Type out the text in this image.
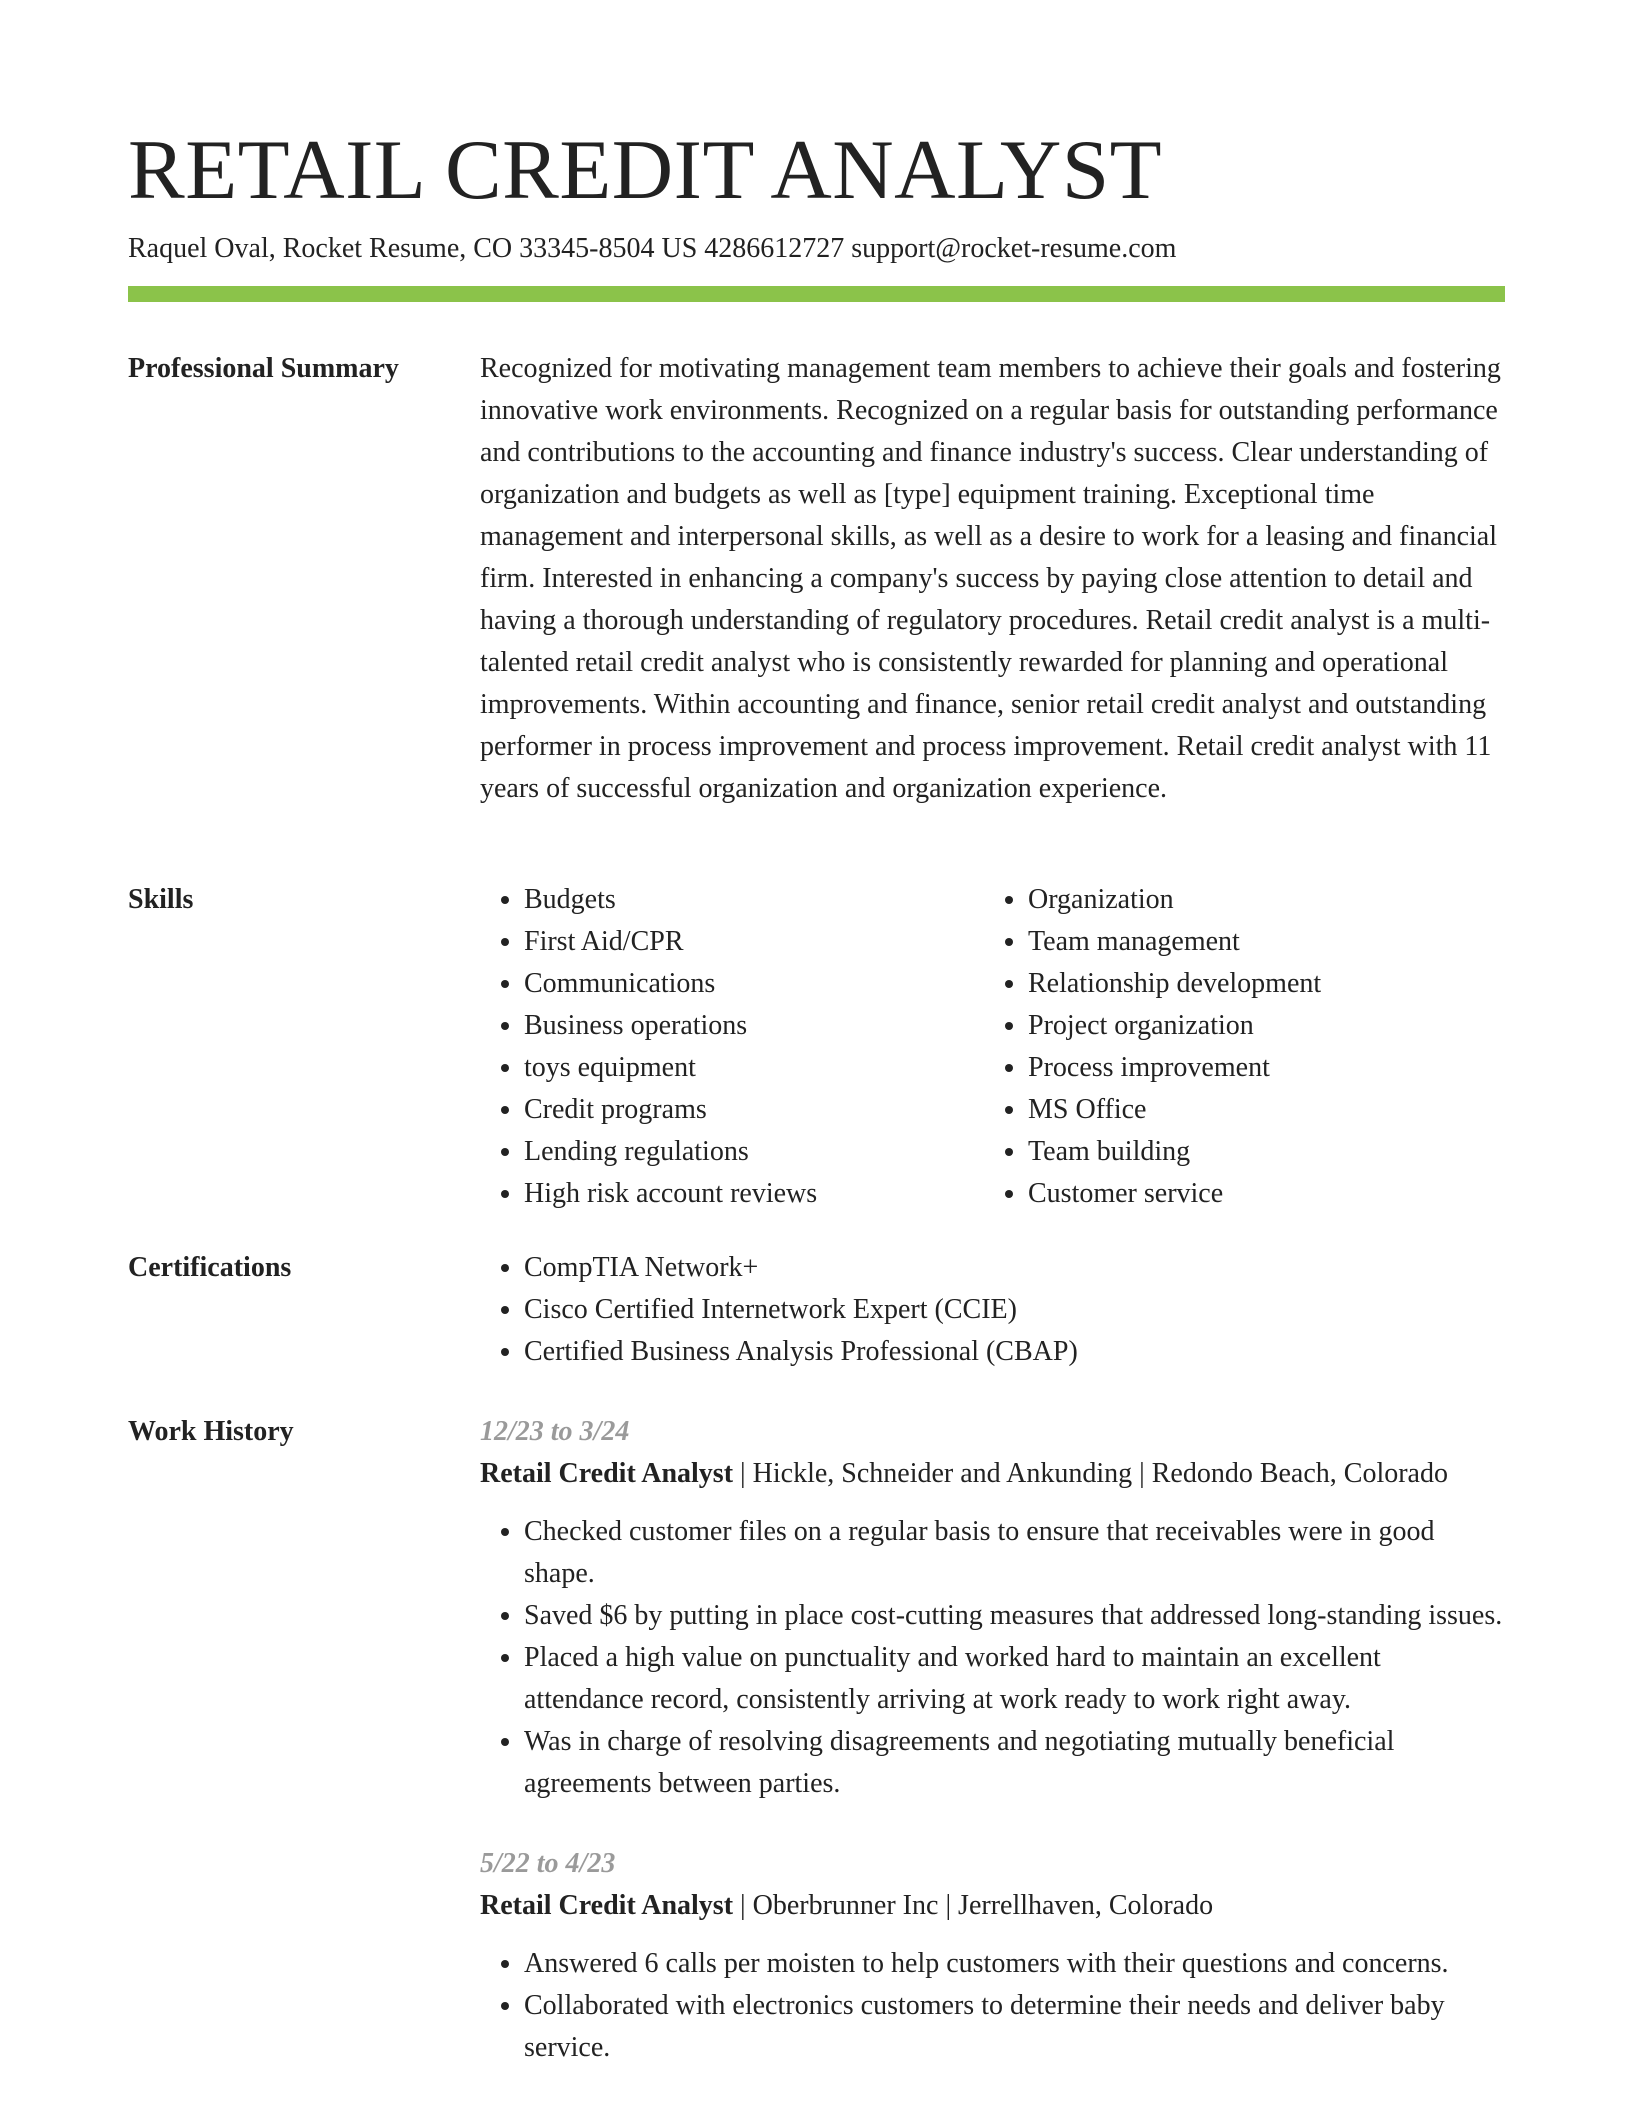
RETAIL CREDIT ANALYST
Raquel Oval, Rocket Resume, CO 33345-8504 US 4286612727 support@rocket-resume.com
Professional Summary	Recognized for motivating management team members to achieve their goals and fostering innovative work environments. Recognized on a regular basis for outstanding performance and contributions to the accounting and finance industry's success. Clear understanding of organization and budgets as well as [type] equipment training. Exceptional time management and interpersonal skills, as well as a desire to work for a leasing and financial firm. Interested in enhancing a company's success by paying close attention to detail and having a thorough understanding of regulatory procedures. Retail credit analyst is a multi-talented retail credit analyst who is consistently rewarded for planning and operational improvements. Within accounting and finance, senior retail credit analyst and outstanding performer in process improvement and process improvement. Retail credit analyst with 11 years of successful organization and organization experience.

Skills	• Budgets
• First Aid/CPR
• Communications
• Business operations
• toys equipment
• Credit programs
• Lending regulations
• High risk account reviews
• Organization
• Team management
• Relationship development
• Project organization
• Process improvement
• MS Office
• Team building
• Customer service
Certifications	• CompTIA Network+
• Cisco Certified Internetwork Expert (CCIE)
• Certified Business Analysis Professional (CBAP)
Work History	12/23 to 3/24
Retail Credit Analyst | Hickle, Schneider and Ankunding | Redondo Beach, Colorado
• Checked customer files on a regular basis to ensure that receivables were in good shape.
• Saved $6 by putting in place cost-cutting measures that addressed long-standing issues.
• Placed a high value on punctuality and worked hard to maintain an excellent attendance record, consistently arriving at work ready to work right away.
• Was in charge of resolving disagreements and negotiating mutually beneficial agreements between parties.
5/22 to 4/23
Retail Credit Analyst | Oberbrunner Inc | Jerrellhaven, Colorado
• Answered 6 calls per moisten to help customers with their questions and concerns.
• Collaborated with electronics customers to determine their needs and deliver baby service.
